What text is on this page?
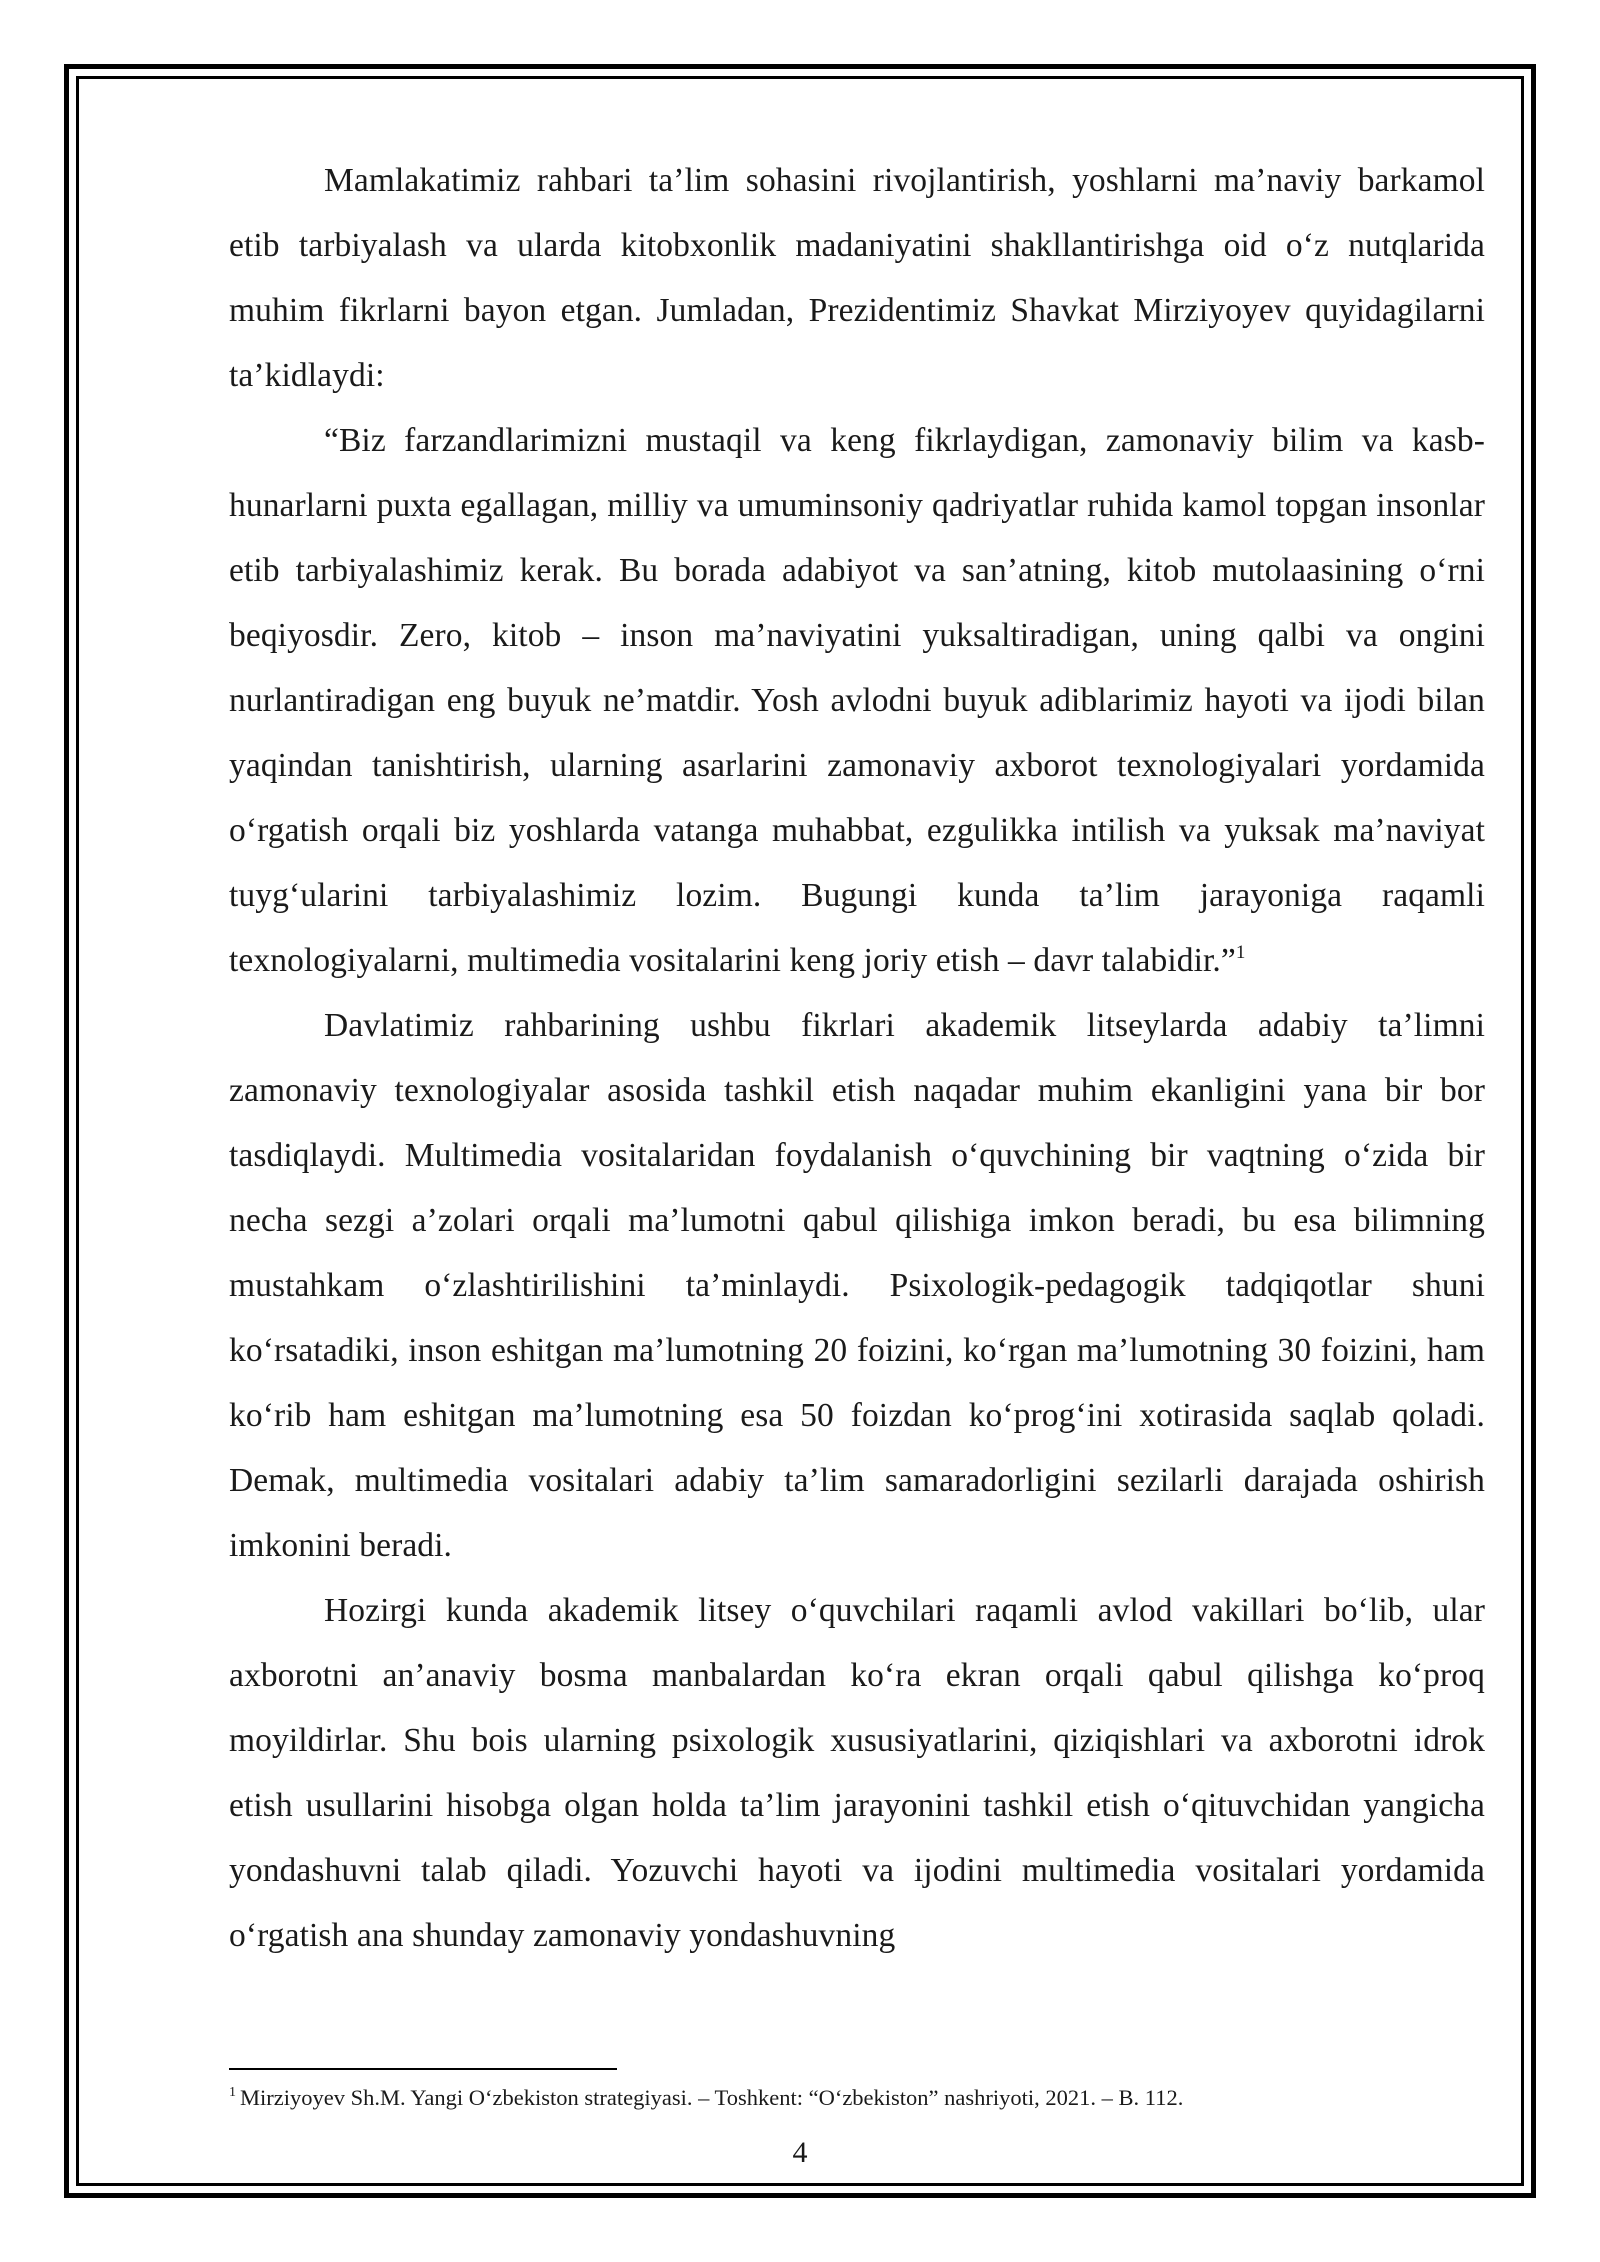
Mamlakatimiz rahbari ta’lim sohasini rivojlantirish, yoshlarni ma’naviy barkamol etib tarbiyalash va ularda kitobxonlik madaniyatini shakllantirishga oid o‘z nutqlarida muhim fikrlarni bayon etgan. Jumladan, Prezidentimiz Shavkat Mirziyoyev quyidagilarni ta’kidlaydi:

“Biz farzandlarimizni mustaqil va keng fikrlaydigan, zamonaviy bilim va kasb-hunarlarni puxta egallagan, milliy va umuminsoniy qadriyatlar ruhida kamol topgan insonlar etib tarbiyalashimiz kerak. Bu borada adabiyot va san’atning, kitob mutolaasining o‘rni beqiyosdir. Zero, kitob – inson ma’naviyatini yuksaltiradigan, uning qalbi va ongini nurlantiradigan eng buyuk ne’matdir. Yosh avlodni buyuk adiblarimiz hayoti va ijodi bilan yaqindan tanishtirish, ularning asarlarini zamonaviy axborot texnologiyalari yordamida o‘rgatish orqali biz yoshlarda vatanga muhabbat, ezgulikka intilish va yuksak ma’naviyat tuyg‘ularini tarbiyalashimiz lozim. Bugungi kunda ta’lim jarayoniga raqamli texnologiyalarni, multimedia vositalarini keng joriy etish – davr talabidir.”$^1$

Davlatimiz rahbarining ushbu fikrlari akademik litseylarda adabiy ta’limni zamonaviy texnologiyalar asosida tashkil etish naqadar muhim ekanligini yana bir bor tasdiqlaydi. Multimedia vositalaridan foydalanish o‘quvchining bir vaqtning o‘zida bir necha sezgi a’zolari orqali ma’lumotni qabul qilishiga imkon beradi, bu esa bilimning mustahkam o‘zlashtirilishini ta’minlaydi. Psixologik-pedagogik tadqiqotlar shuni ko‘rsatadiki, inson eshitgan ma’lumotning 20 foizini, ko‘rgan ma’lumotning 30 foizini, ham ko‘rib ham eshitgan ma’lumotning esa 50 foizdan ko‘prog‘ini xotirasida saqlab qoladi. Demak, multimedia vositalari adabiy ta’lim samaradorligini sezilarli darajada oshirish imkonini beradi.

Hozirgi kunda akademik litsey o‘quvchilari raqamli avlod vakillari bo‘lib, ular axborotni an’anaviy bosma manbalardan ko‘ra ekran orqali qabul qilishga ko‘proq moyildirlar. Shu bois ularning psixologik xususiyatlarini, qiziqishlari va axborotni idrok etish usullarini hisobga olgan holda ta’lim jarayonini tashkil etish o‘qituvchidan yangicha yondashuvni talab qiladi. Yozuvchi hayoti va ijodini multimedia vositalari yordamida o‘rgatish ana shunday zamonaviy yondashuvning

$^1$ Mirziyoyev Sh.M. Yangi O‘zbekiston strategiyasi. – Toshkent: “O‘zbekiston” nashriyoti, 2021. – B. 112.
4
